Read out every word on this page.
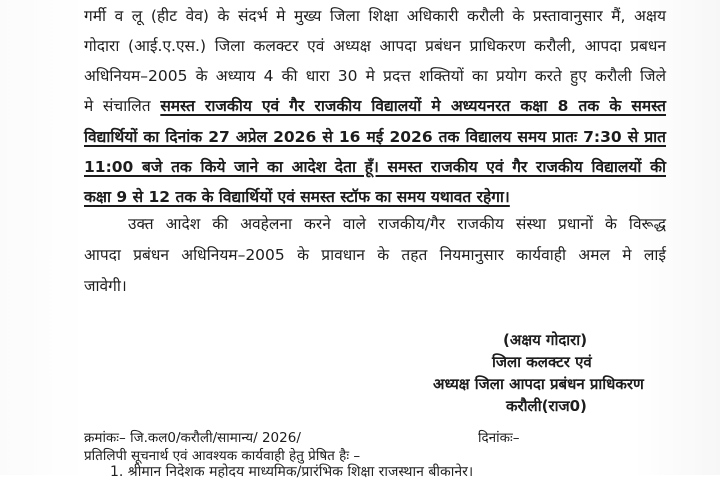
गर्मी व लू (हीट वेव) के संदर्भ मे मुख्य जिला शिक्षा अधिकारी करौली के प्रस्तावानुसार मैं, अक्षय
गोदारा (आई.ए.एस.) जिला कलक्टर एवं अध्यक्ष आपदा प्रबंधन प्राधिकरण करौली, आपदा प्रबधन
अधिनियम–2005 के अध्याय 4 की धारा 30 मे प्रदत्त शक्तियों का प्रयोग करते हुए करौली जिले
मे संचालित समस्त राजकीय एवं गैर राजकीय विद्यालयों मे अध्ययनरत कक्षा 8 तक के समस्त
विद्यार्थियों का दिनांक 27 अप्रेल 2026 से 16 मई 2026 तक विद्यालय समय प्रातः 7:30 से प्रात
11:00 बजे तक किये जाने का आदेश देता हूँ। समस्त राजकीय एवं गैर राजकीय विद्यालयों की
कक्षा 9 से 12 तक के विद्यार्थियों एवं समस्त स्टॉफ का समय यथावत रहेगा।
उक्त आदेश की अवहेलना करने वाले राजकीय/गैर राजकीय संस्था प्रधानों के विरूद्ध
आपदा प्रबंधन अधिनियम–2005 के प्रावधान के तहत नियमानुसार कार्यवाही अमल मे लाई
जावेगी।
(अक्षय गोदारा)
जिला कलक्टर एवं
अध्यक्ष जिला आपदा प्रबंधन प्राधिकरण
करौली(राज0)
क्रमांकः– जि.कल0/करौली/सामान्य/ 2026/	दिनांकः–
प्रतिलिपी सूचनार्थ एवं आवश्यक कार्यवाही हेतु प्रेषित हैः –
1. श्रीमान निदेशक महोदय माध्यमिक/प्रारंभिक शिक्षा राजस्थान बीकानेर।
